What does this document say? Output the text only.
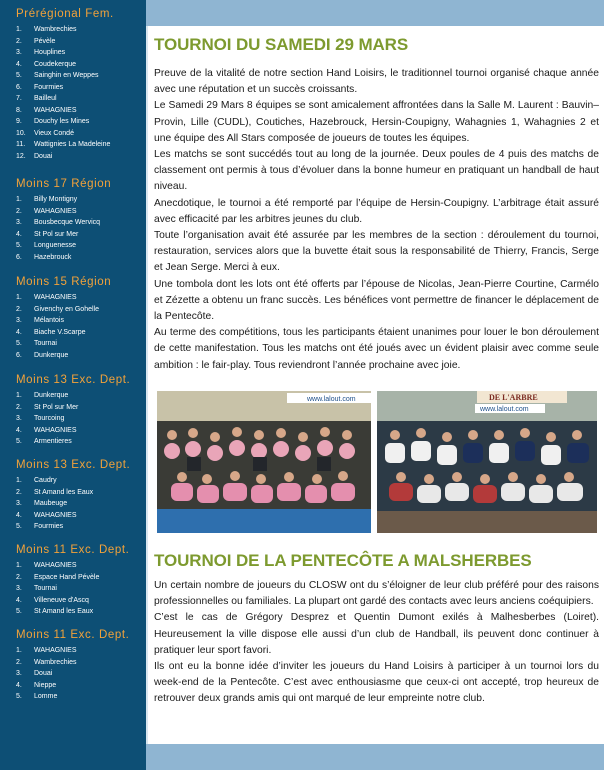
Prérégional Fem.
1.	Wambrechies
2.	Pévèle
3.	Houplines
4.	Coudekerque
5.	Sainghin en Weppes
6.	Fourmies
7.	Bailleul
8.	WAHAGNIES
9.	Douchy les Mines
10.	Vieux Condé
11.	Wattignies La Madeleine
12.	Douai
Moins 17 Région
1.	Billy Montigny
2.	WAHAGNIES
3.	Bousbecque Wervicq
4.	St Pol sur Mer
5.	Longuenesse
6.	Hazebrouck
Moins 15 Région
1.	WAHAGNIES
2.	Givenchy en Gohelle
3.	Mélantois
4.	Biache V.Scarpe
5.	Tournai
6.	Dunkerque
Moins 13 Exc. Dept.
1.	Dunkerque
2.	St Pol sur Mer
3.	Tourcoing
4.	WAHAGNIES
5.	Armentieres
Moins 13 Exc. Dept.
1.	Caudry
2.	St Amand les Eaux
3.	Maubeuge
4.	WAHAGNIES
5.	Fourmies
Moins 11 Exc. Dept.
1.	WAHAGNIES
2.	Espace Hand Pévèle
3.	Tournai
4.	Villeneuve d'Ascq
5.	St Amand les Eaux
Moins 11 Exc. Dept.
1.	WAHAGNIES
2.	Wambrechies
3.	Douai
4.	Nieppe
5.	Lomme
TOURNOI DU SAMEDI 29 MARS

Preuve de la vitalité de notre section Hand Loisirs, le traditionnel tournoi organisé chaque année avec une réputation et un succès croissants.

Le Samedi 29 Mars 8 équipes se sont amicalement affrontées dans la Salle M. Laurent : Bauvin–Provin, Lille (CUDL), Coutiches, Hazebrouck, Hersin-Coupigny, Wahagnies 1, Wahagnies 2 et une équipe des All Stars composée de joueurs de toutes les équipes.

Les matchs se sont succédés tout au long de la journée. Deux poules de 4 puis des matchs de classement ont permis à tous d’évoluer dans la bonne humeur en pratiquant un handball de haut niveau.

Anecdotique, le tournoi a été remporté par l’équipe de Hersin-Coupigny. L’arbitrage était assuré avec efficacité par les arbitres jeunes du club.

Toute l’organisation avait été assurée par les membres de la section : déroulement du tournoi, restauration, services alors que la buvette était sous la responsabilité de Thierry, Francis, Serge et Jean Serge. Merci à eux.

Une tombola dont les lots ont été offerts par l’épouse de Nicolas, Jean-Pierre Courtine, Carmélo et Zézette a obtenu un franc succès. Les bénéfices vont permettre de financer le déplacement de la Pentecôte.

Au terme des compétitions, tous les participants étaient unanimes pour louer le bon déroulement de cette manifestation. Tous les matchs ont été joués avec un évident plaisir avec comme seule ambition : le fair-play. Tous reviendront l’année prochaine avec joie.

www.lalout.com	DE L'ARBRE
www.lalout.com
TOURNOI DE LA PENTECÔTE A MALSHERBES

Un certain nombre de joueurs du CLOSW ont du s’éloigner de leur club préféré pour des raisons professionnelles ou familiales. La plupart ont gardé des contacts avec leurs anciens coéquipiers.

C’est le cas de Grégory Desprez et Quentin Dumont exilés à Malhesberbes (Loiret). Heureusement la ville dispose elle aussi d’un club de Handball, ils peuvent donc continuer à pratiquer leur sport favori.

Ils ont eu la bonne idée d’inviter les joueurs du Hand Loisirs à participer à un tournoi lors du week-end de la Pentecôte. C’est avec enthousiasme que ceux-ci ont accepté, trop heureux de retrouver deux grands amis qui ont marqué de leur empreinte notre club.
